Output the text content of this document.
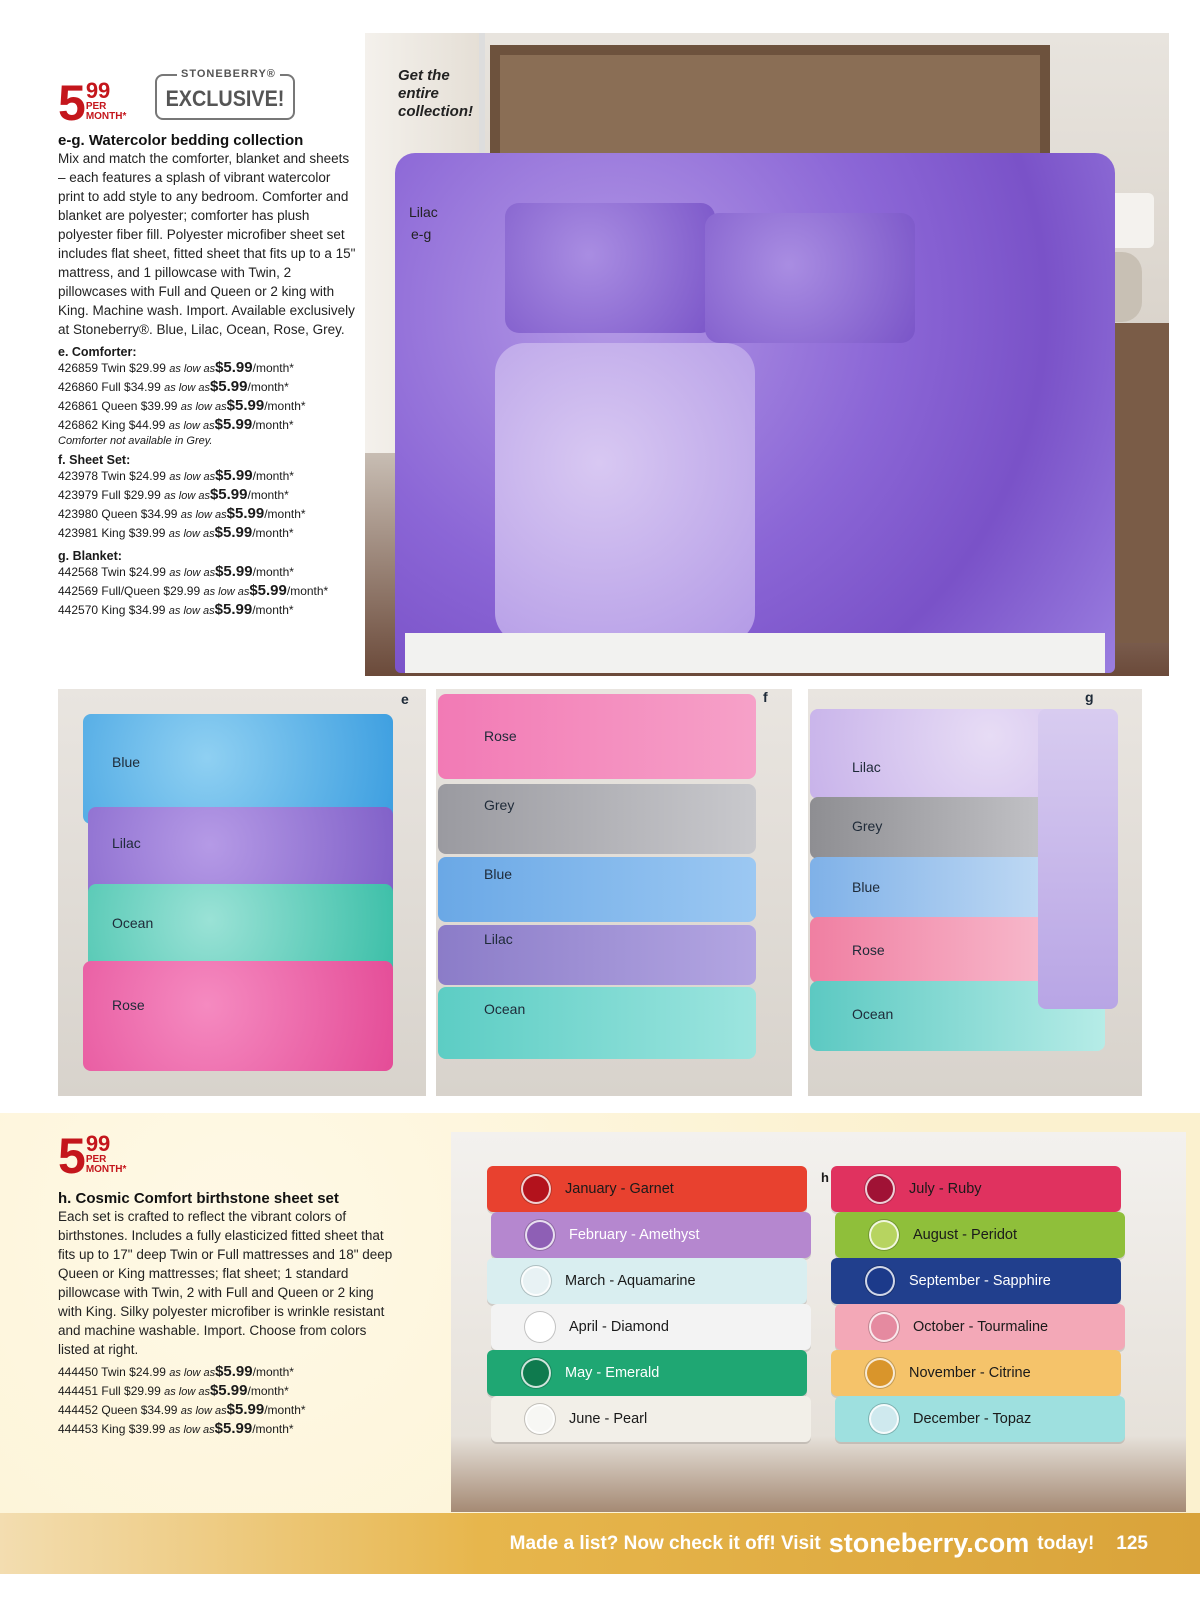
5 99
PER
MONTH*
STONEBERRY®
EXCLUSIVE!
e-g. Watercolor bedding collection
Mix and match the comforter, blanket and sheets – each features a splash of vibrant watercolor print to add style to any bedroom. Comforter and blanket are polyester; comforter has plush polyester fiber fill. Polyester microfiber sheet set includes flat sheet, fitted sheet that fits up to a 15" mattress, and 1 pillowcase with Twin, 2 pillowcases with Full and Queen or 2 king with King. Machine wash. Import. Available exclusively at Stoneberry®. Blue, Lilac, Ocean, Rose, Grey.
e. Comforter:
426859 Twin $29.99 as low as$5.99/month*
426860 Full $34.99 as low as$5.99/month*
426861 Queen $39.99 as low as$5.99/month*
426862 King $44.99 as low as$5.99/month*
Comforter not available in Grey.
f. Sheet Set:
423978 Twin $24.99 as low as$5.99/month*
423979 Full $29.99 as low as$5.99/month*
423980 Queen $34.99 as low as$5.99/month*
423981 King $39.99 as low as$5.99/month*
g. Blanket:
442568 Twin $24.99 as low as$5.99/month*
442569 Full/Queen $29.99 as low as$5.99/month*
442570 King $34.99 as low as$5.99/month*
Get the
entire
collection!
Lilac
e-g
Blue
Lilac
Ocean
Rose
e
Rose
Grey
Blue
Lilac
Ocean
f
Lilac
Grey
Blue
Rose
Ocean
g
5 99
PER
MONTH*
h. Cosmic Comfort birthstone sheet set
Each set is crafted to reflect the vibrant colors of birthstones. Includes a fully elasticized fitted sheet that fits up to 17" deep Twin or Full mattresses and 18" deep Queen or King mattresses; flat sheet; 1 standard pillowcase with Twin, 2 with Full and Queen or 2 king with King. Silky polyester microfiber is wrinkle resistant and machine washable. Import. Choose from colors listed at right.
444450 Twin $24.99 as low as$5.99/month*
444451 Full $29.99 as low as$5.99/month*
444452 Queen $34.99 as low as$5.99/month*
444453 King $39.99 as low as$5.99/month*
January - Garnet
February - Amethyst
March - Aquamarine
April - Diamond
May - Emerald
June - Pearl
July - Ruby
August - Peridot
September - Sapphire
October - Tourmaline
November - Citrine
December - Topaz
h
Made a list? Now check it off! Visit stoneberry.com today! 125
